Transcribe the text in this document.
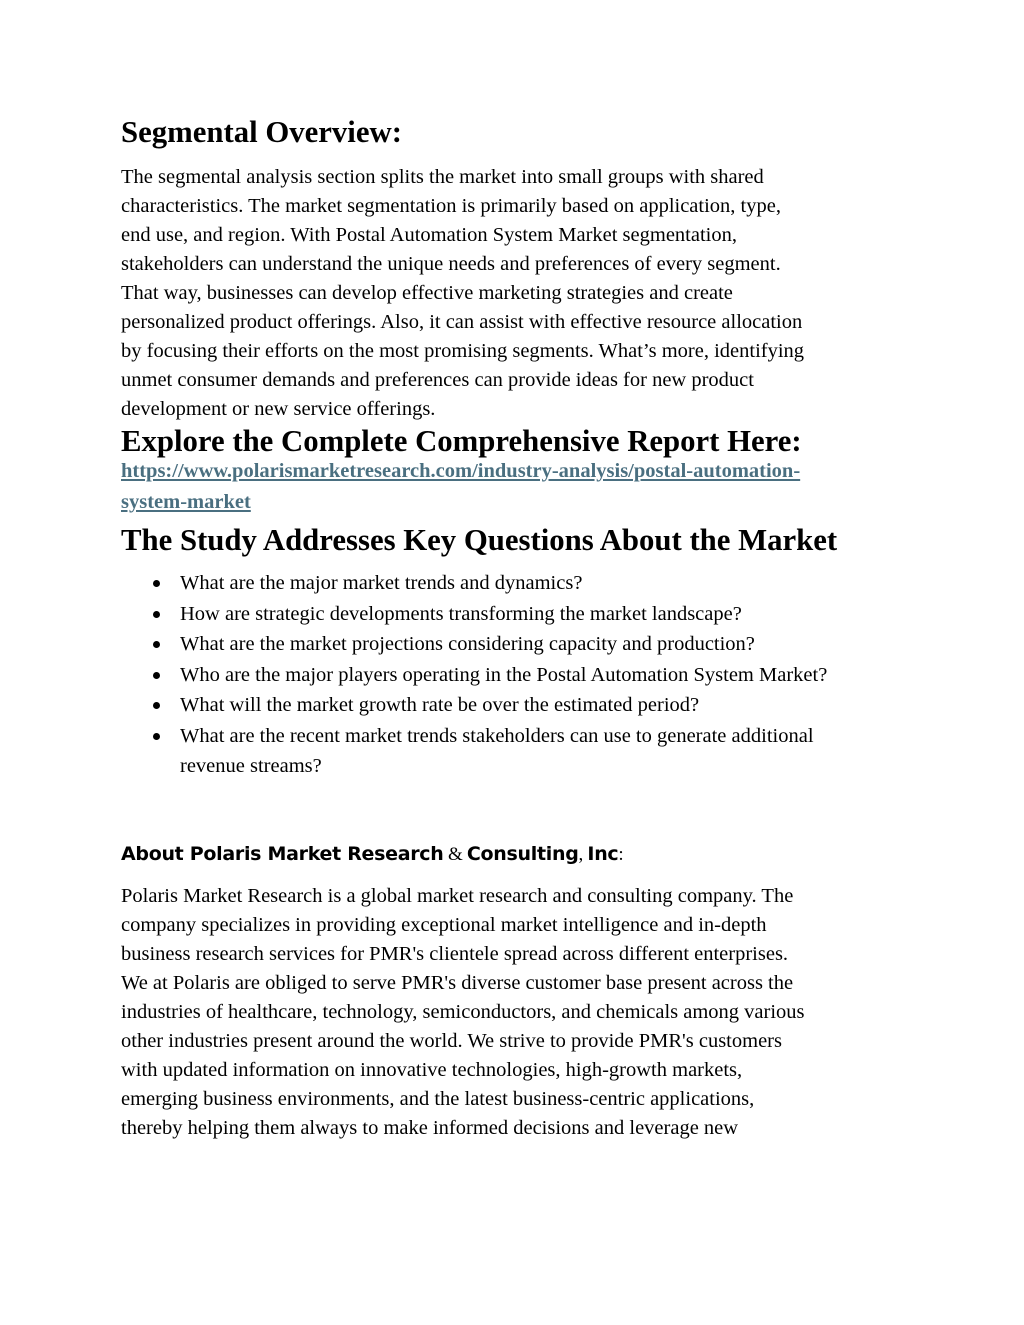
Segmental Overview:
The segmental analysis section splits the market into small groups with shared
characteristics. The market segmentation is primarily based on application, type,
end use, and region. With Postal Automation System Market segmentation,
stakeholders can understand the unique needs and preferences of every segment.
That way, businesses can develop effective marketing strategies and create
personalized product offerings. Also, it can assist with effective resource allocation
by focusing their efforts on the most promising segments. What’s more, identifying
unmet consumer demands and preferences can provide ideas for new product
development or new service offerings.
Explore the Complete Comprehensive Report Here:
https://www.polarismarketresearch.com/industry-analysis/postal-automation-
system-market
The Study Addresses Key Questions About the Market
What are the major market trends and dynamics?
How are strategic developments transforming the market landscape?
What are the market projections considering capacity and production?
Who are the major players operating in the Postal Automation System Market?
What will the market growth rate be over the estimated period?
What are the recent market trends stakeholders can use to generate additional revenue streams?
About Polaris Market Research & Consulting, Inc:
Polaris Market Research is a global market research and consulting company. The
company specializes in providing exceptional market intelligence and in-depth
business research services for PMR's clientele spread across different enterprises.
We at Polaris are obliged to serve PMR's diverse customer base present across the
industries of healthcare, technology, semiconductors, and chemicals among various
other industries present around the world. We strive to provide PMR's customers
with updated information on innovative technologies, high-growth markets,
emerging business environments, and the latest business-centric applications,
thereby helping them always to make informed decisions and leverage new
